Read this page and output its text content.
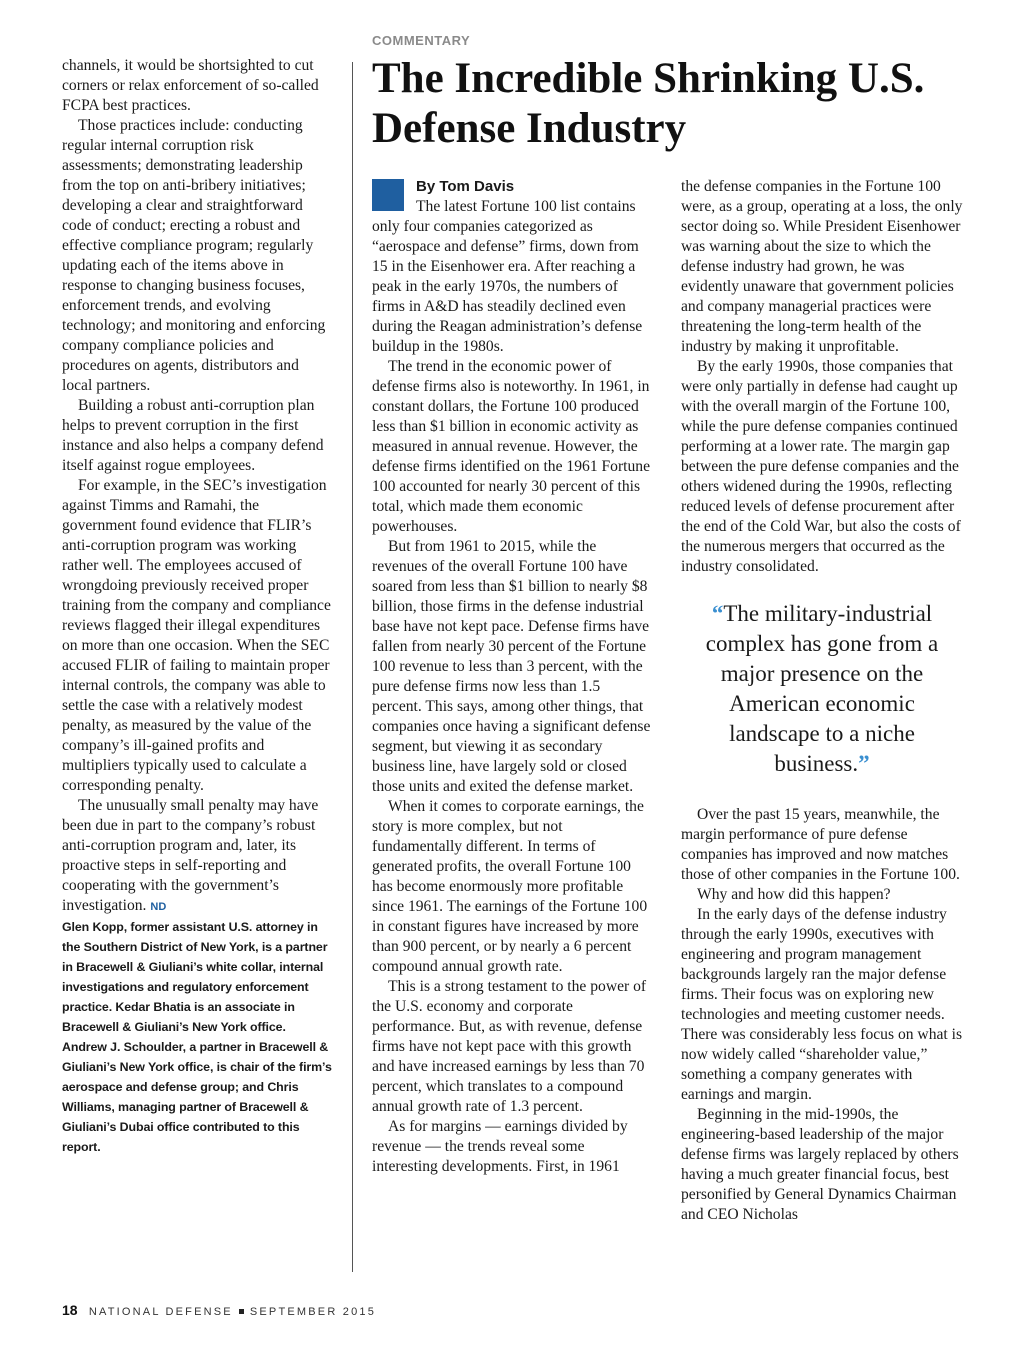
COMMENTARY
The Incredible Shrinking U.S. Defense Industry

channels, it would be shortsighted to cut corners or relax enforcement of so-called FCPA best practices.

Those practices include: conducting regular internal corruption risk assessments; demonstrating leadership from the top on anti-bribery initiatives; developing a clear and straightforward code of conduct; erecting a robust and effective compliance program; regularly updating each of the items above in response to changing business focuses, enforcement trends, and evolving technology; and monitoring and enforcing company compliance policies and procedures on agents, distributors and local partners.

Building a robust anti-corruption plan helps to prevent corruption in the first instance and also helps a company defend itself against rogue employees.

For example, in the SEC’s investigation against Timms and Ramahi, the government found evidence that FLIR’s anti-corruption program was working rather well. The employees accused of wrongdoing previously received proper training from the company and compliance reviews flagged their illegal expenditures on more than one occasion. When the SEC accused FLIR of failing to maintain proper internal controls, the company was able to settle the case with a relatively modest penalty, as measured by the value of the company’s ill-gained profits and multipliers typically used to calculate a corresponding penalty.

The unusually small penalty may have been due in part to the company’s robust anti-corruption program and, later, its proactive steps in self-reporting and cooperating with the government’s investigation. ND

Glen Kopp, former assistant U.S. attorney in the Southern District of New York, is a partner in Bracewell & Giuliani’s white collar, internal investigations and regulatory enforcement practice. Kedar Bhatia is an associate in Bracewell & Giuliani’s New York office.

Andrew J. Schoulder, a partner in Bracewell & Giuliani’s New York office, is chair of the firm’s aerospace and defense group; and Chris Williams, managing partner of Bracewell & Giuliani’s Dubai office contributed to this report.

By Tom Davis

The latest Fortune 100 list contains only four companies categorized as “aerospace and defense” firms, down from 15 in the Eisenhower era. After reaching a peak in the early 1970s, the numbers of firms in A&D has steadily declined even during the Reagan administration’s defense buildup in the 1980s.

The trend in the economic power of defense firms also is noteworthy. In 1961, in constant dollars, the Fortune 100 produced less than $1 billion in economic activity as measured in annual revenue. However, the defense firms identified on the 1961 Fortune 100 accounted for nearly 30 percent of this total, which made them economic powerhouses.

But from 1961 to 2015, while the revenues of the overall Fortune 100 have soared from less than $1 billion to nearly $8 billion, those firms in the defense industrial base have not kept pace. Defense firms have fallen from nearly 30 percent of the Fortune 100 revenue to less than 3 percent, with the pure defense firms now less than 1.5 percent. This says, among other things, that companies once having a significant defense segment, but viewing it as secondary business line, have largely sold or closed those units and exited the defense market.

When it comes to corporate earnings, the story is more complex, but not fundamentally different. In terms of generated profits, the overall Fortune 100 has become enormously more profitable since 1961. The earnings of the Fortune 100 in constant figures have increased by more than 900 percent, or by nearly a 6 percent compound annual growth rate.

This is a strong testament to the power of the U.S. economy and corporate performance. But, as with revenue, defense firms have not kept pace with this growth and have increased earnings by less than 70 percent, which translates to a compound annual growth rate of 1.3 percent.

As for margins — earnings divided by revenue — the trends reveal some interesting developments. First, in 1961

the defense companies in the Fortune 100 were, as a group, operating at a loss, the only sector doing so. While President Eisenhower was warning about the size to which the defense industry had grown, he was evidently unaware that government policies and company managerial practices were threatening the long-term health of the industry by making it unprofitable.

By the early 1990s, those companies that were only partially in defense had caught up with the overall margin of the Fortune 100, while the pure defense companies continued performing at a lower rate. The margin gap between the pure defense companies and the others widened during the 1990s, reflecting reduced levels of defense procurement after the end of the Cold War, but also the costs of the numerous mergers that occurred as the industry consolidated.

“The military-industrial complex has gone from a major presence on the American economic landscape to a niche business.”

Over the past 15 years, meanwhile, the margin performance of pure defense companies has improved and now matches those of other companies in the Fortune 100.

Why and how did this happen?

In the early days of the defense industry through the early 1990s, executives with engineering and program management backgrounds largely ran the major defense firms. Their focus was on exploring new technologies and meeting customer needs. There was considerably less focus on what is now widely called “shareholder value,” something a company generates with earnings and margin.

Beginning in the mid-1990s, the engineering-based leadership of the major defense firms was largely replaced by others having a much greater financial focus, best personified by General Dynamics Chairman and CEO Nicholas

18 NATIONAL DEFENSE SEPTEMBER 2015
